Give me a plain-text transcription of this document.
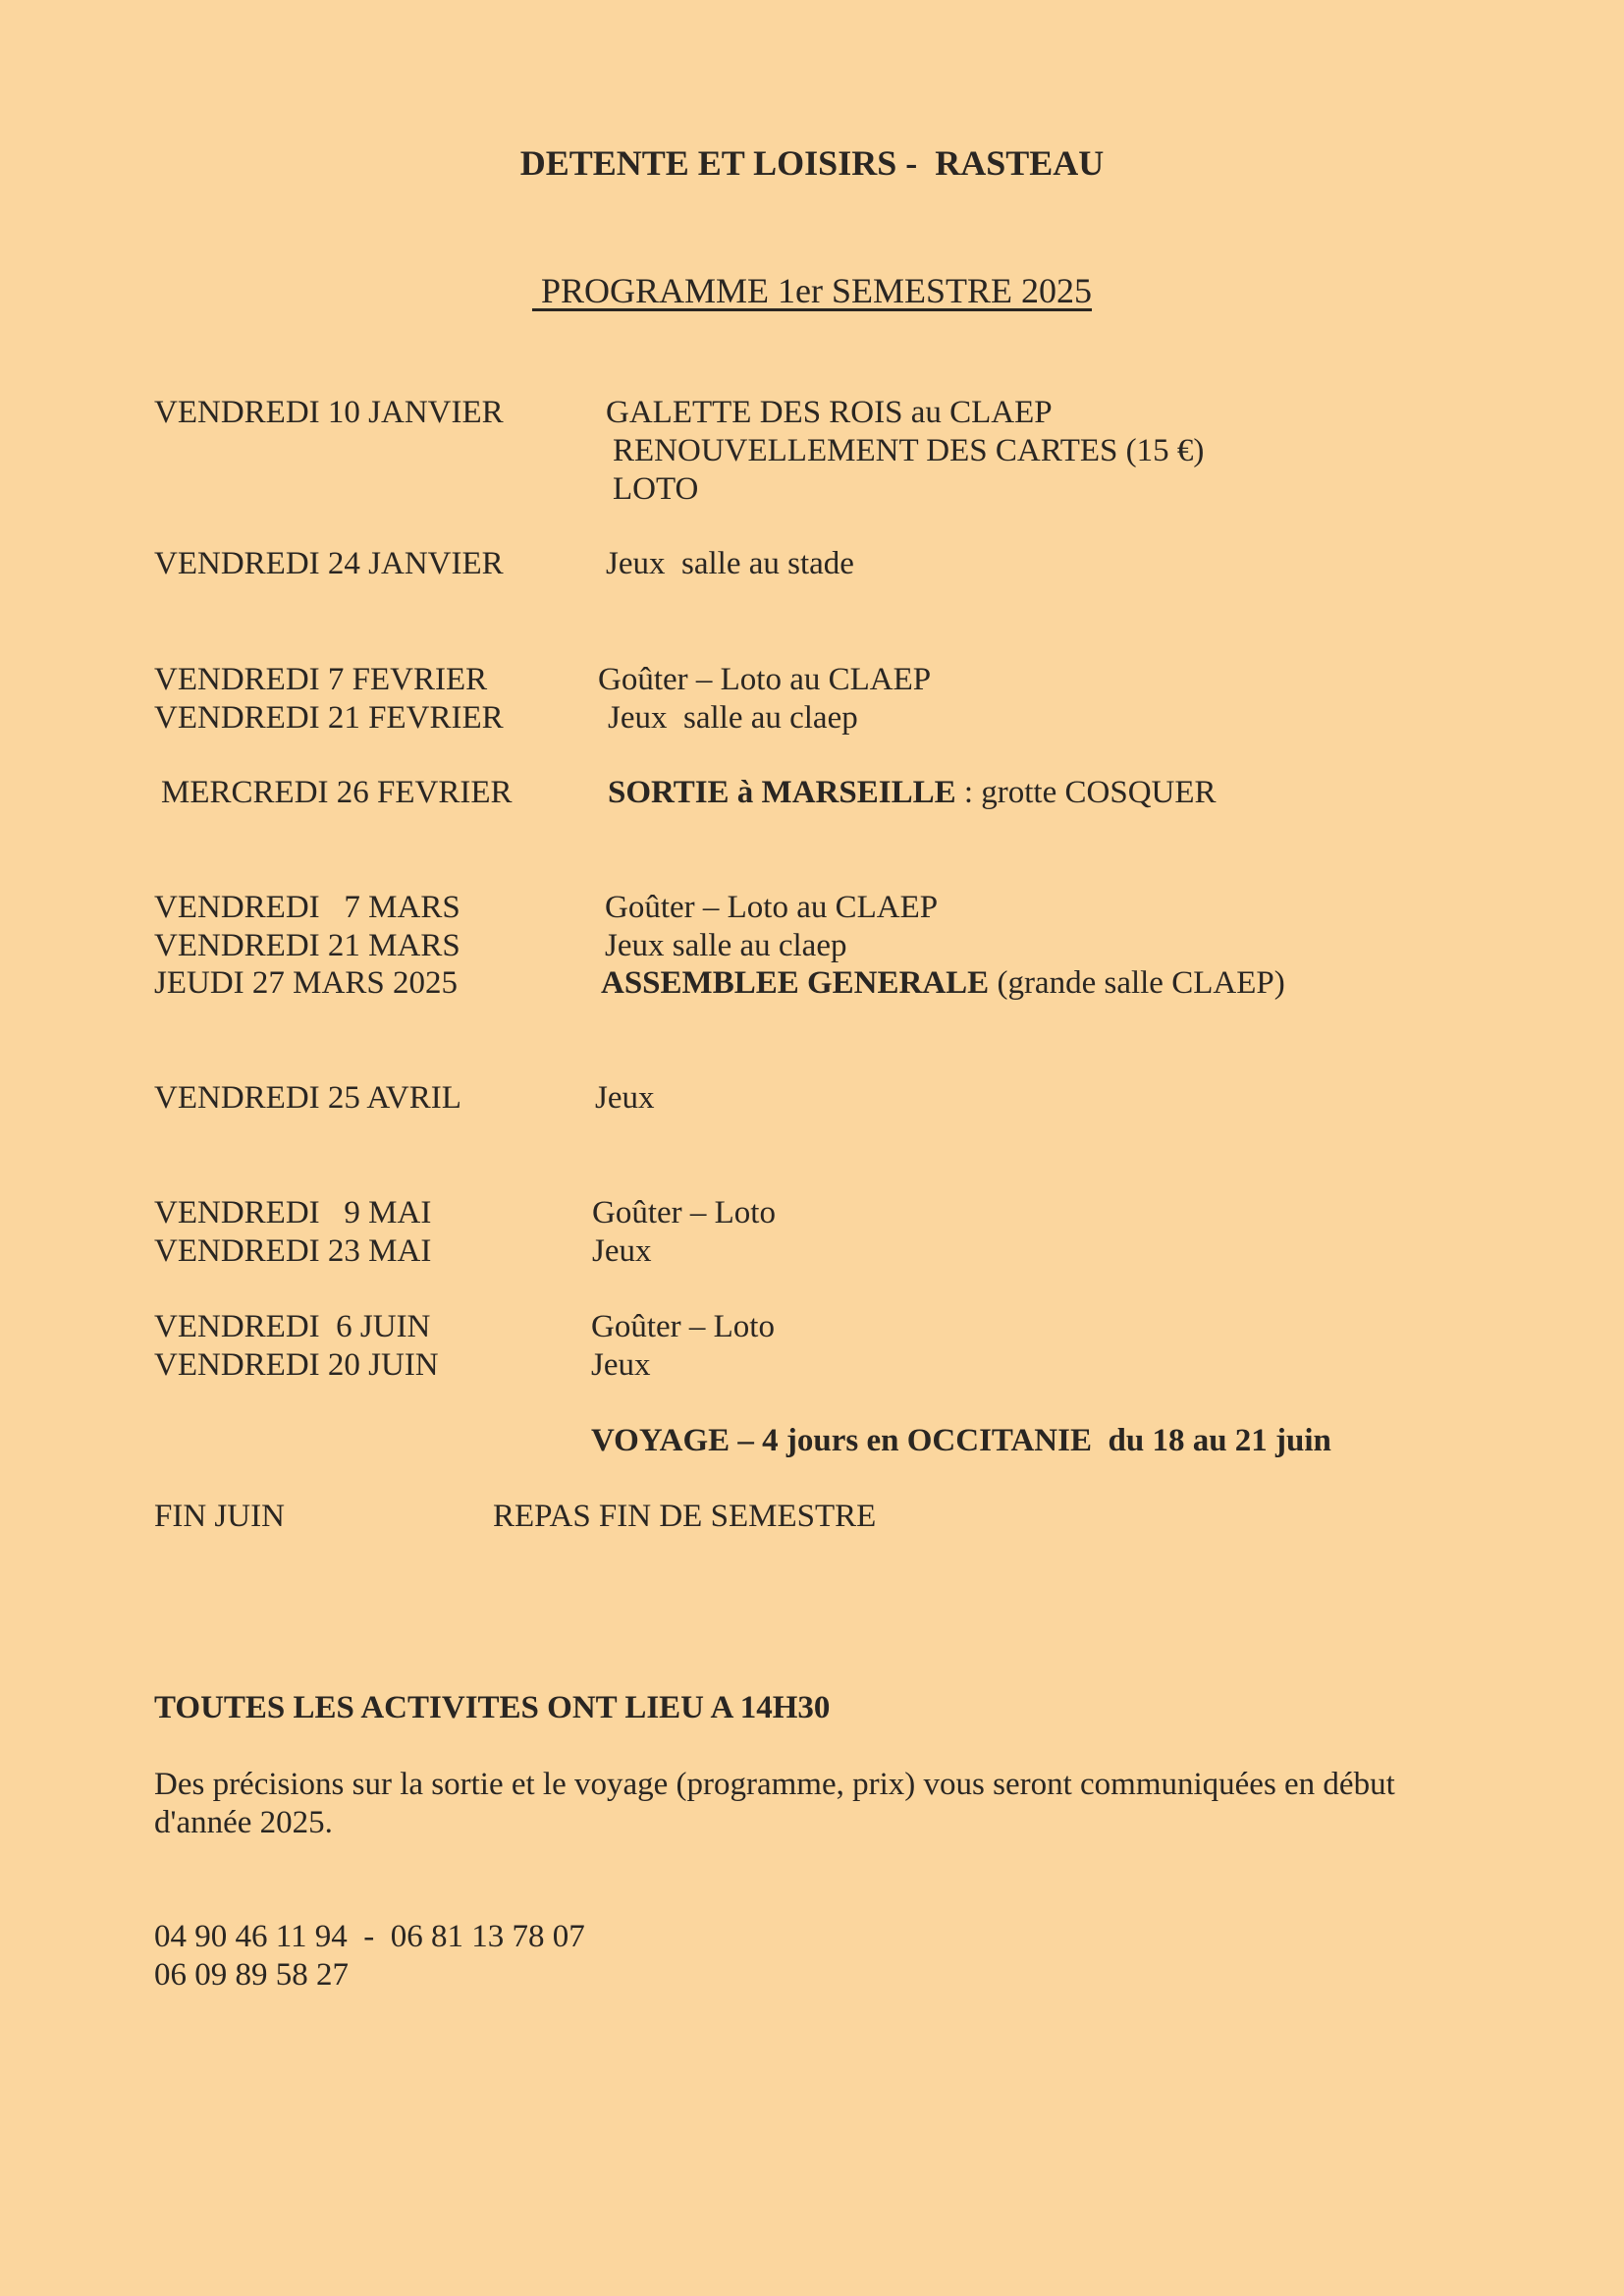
DETENTE ET LOISIRS -  RASTEAU
PROGRAMME 1er SEMESTRE 2025
VENDREDI 10 JANVIER	GALETTE DES ROIS au CLAEP
RENOUVELLEMENT DES CARTES (15 €)
LOTO
VENDREDI 24 JANVIER	Jeux  salle au stade
VENDREDI 7 FEVRIER	Goûter – Loto au CLAEP
VENDREDI 21 FEVRIER	Jeux  salle au claep
MERCREDI 26 FEVRIER	SORTIE à MARSEILLE : grotte COSQUER
VENDREDI   7 MARS	Goûter – Loto au CLAEP
VENDREDI 21 MARS	Jeux salle au claep
JEUDI 27 MARS 2025	ASSEMBLEE GENERALE (grande salle CLAEP)
VENDREDI 25 AVRIL	Jeux
VENDREDI   9 MAI	Goûter – Loto
VENDREDI 23 MAI	Jeux
VENDREDI  6 JUIN	Goûter – Loto
VENDREDI 20 JUIN	Jeux
VOYAGE – 4 jours en OCCITANIE  du 18 au 21 juin
FIN JUIN	REPAS FIN DE SEMESTRE
TOUTES LES ACTIVITES ONT LIEU A 14H30
Des précisions sur la sortie et le voyage (programme, prix) vous seront communiquées en début
d'année 2025.
04 90 46 11 94  -  06 81 13 78 07
06 09 89 58 27
